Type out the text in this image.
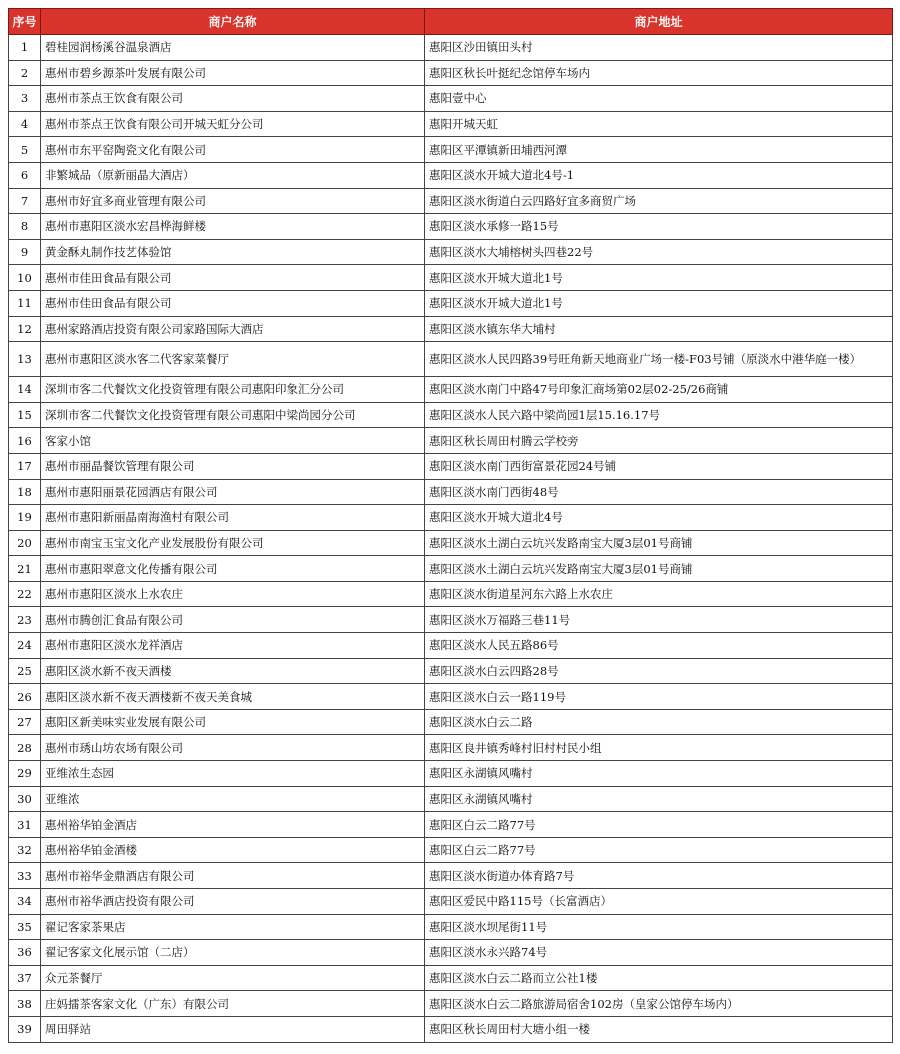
序号	商户名称	商户地址
1	碧桂园润杨溪谷温泉酒店	惠阳区沙田镇田头村
2	惠州市碧乡源茶叶发展有限公司	惠阳区秋长叶挺纪念馆停车场内
3	惠州市茶点王饮食有限公司	惠阳壹中心
4	惠州市茶点王饮食有限公司开城天虹分公司	惠阳开城天虹
5	惠州市东平窑陶瓷文化有限公司	惠阳区平潭镇新田埔西河潭
6	非繁城品（原新丽晶大酒店）	惠阳区淡水开城大道北4号-1
7	惠州市好宜多商业管理有限公司	惠阳区淡水街道白云四路好宜多商贸广场
8	惠州市惠阳区淡水宏昌桦海鲜楼	惠阳区淡水承修一路15号
9	黄金酥丸制作技艺体验馆	惠阳区淡水大埔榕树头四巷22号
10	惠州市佳田食品有限公司	惠阳区淡水开城大道北1号
11	惠州市佳田食品有限公司	惠阳区淡水开城大道北1号
12	惠州家路酒店投资有限公司家路国际大酒店	惠阳区淡水镇东华大埔村
13	惠州市惠阳区淡水客二代客家菜餐厅	惠阳区淡水人民四路39号旺角新天地商业广场一楼-F03号铺（原淡水中港华庭一楼）
14	深圳市客二代餐饮文化投资管理有限公司惠阳印象汇分公司	惠阳区淡水南门中路47号印象汇商场第02层02-25/26商铺
15	深圳市客二代餐饮文化投资管理有限公司惠阳中梁尚园分公司	惠阳区淡水人民六路中梁尚园1层15.16.17号
16	客家小馆	惠阳区秋长周田村腾云学校旁
17	惠州市丽晶餐饮管理有限公司	惠阳区淡水南门西街富景花园24号铺
18	惠州市惠阳丽景花园酒店有限公司	惠阳区淡水南门西街48号
19	惠州市惠阳新丽晶南海渔村有限公司	惠阳区淡水开城大道北4号
20	惠州市南宝玉宝文化产业发展股份有限公司	惠阳区淡水土湖白云坑兴发路南宝大厦3层01号商铺
21	惠州市惠阳翠意文化传播有限公司	惠阳区淡水土湖白云坑兴发路南宝大厦3层01号商铺
22	惠州市惠阳区淡水上水农庄	惠阳区淡水街道星河东六路上水农庄
23	惠州市腾创汇食品有限公司	惠阳区淡水万福路三巷11号
24	惠州市惠阳区淡水龙祥酒店	惠阳区淡水人民五路86号
25	惠阳区淡水新不夜天酒楼	惠阳区淡水白云四路28号
26	惠阳区淡水新不夜天酒楼新不夜天美食城	惠阳区淡水白云一路119号
27	惠阳区新美味实业发展有限公司	惠阳区淡水白云二路
28	惠州市琇山坊农场有限公司	惠阳区良井镇秀峰村旧村村民小组
29	亚维浓生态园	惠阳区永湖镇风嘴村
30	亚维浓	惠阳区永湖镇风嘴村
31	惠州裕华铂金酒店	惠阳区白云二路77号
32	惠州裕华铂金酒楼	惠阳区白云二路77号
33	惠州市裕华金鼎酒店有限公司	惠阳区淡水街道办体育路7号
34	惠州市裕华酒店投资有限公司	惠阳区爱民中路115号（长富酒店）
35	翟记客家茶果店	惠阳区淡水坝尾街11号
36	翟记客家文化展示馆（二店）	惠阳区淡水永兴路74号
37	众元茶餐厅	惠阳区淡水白云二路而立公社1楼
38	庄妈擂茶客家文化（广东）有限公司	惠阳区淡水白云二路旅游局宿舍102房（皇家公馆停车场内）
39	周田驿站	惠阳区秋长周田村大塘小组一楼
